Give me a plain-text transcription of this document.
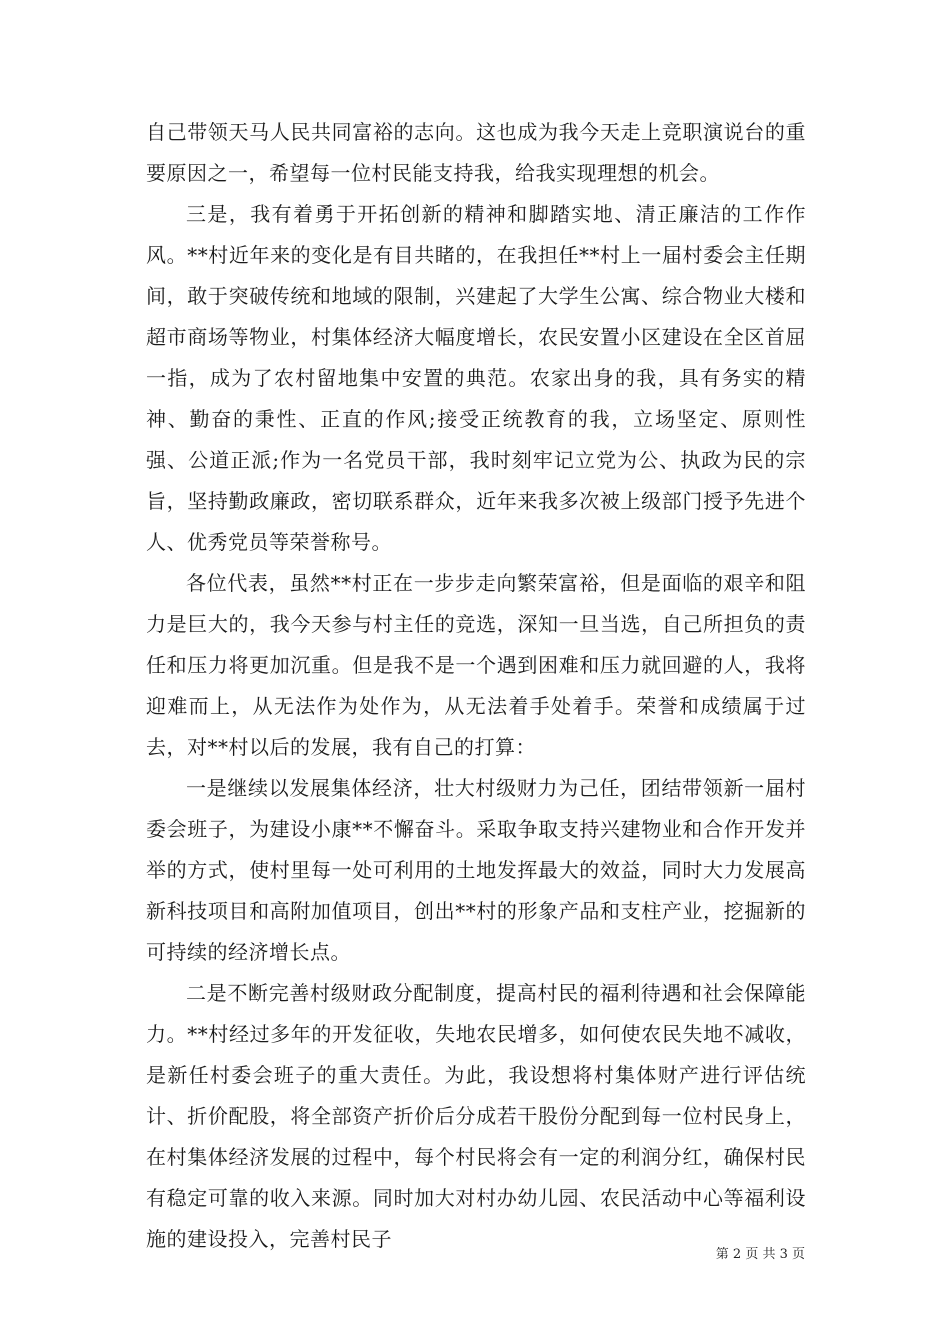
自己带领天马人民共同富裕的志向。这也成为我今天走上竞职演说台的重要原因之一，希望每一位村民能支持我，给我实现理想的机会。

三是，我有着勇于开拓创新的精神和脚踏实地、清正廉洁的工作作风。**村近年来的变化是有目共睹的，在我担任**村上一届村委会主任期间，敢于突破传统和地域的限制，兴建起了大学生公寓、综合物业大楼和超市商场等物业，村集体经济大幅度增长，农民安置小区建设在全区首屈一指，成为了农村留地集中安置的典范。农家出身的我，具有务实的精神、勤奋的秉性、正直的作风;接受正统教育的我，立场坚定、原则性强、公道正派;作为一名党员干部，我时刻牢记立党为公、执政为民的宗旨，坚持勤政廉政，密切联系群众，近年来我多次被上级部门授予先进个人、优秀党员等荣誉称号。

各位代表，虽然**村正在一步步走向繁荣富裕，但是面临的艰辛和阻力是巨大的，我今天参与村主任的竞选，深知一旦当选，自己所担负的责任和压力将更加沉重。但是我不是一个遇到困难和压力就回避的人，我将迎难而上，从无法作为处作为，从无法着手处着手。荣誉和成绩属于过去，对**村以后的发展，我有自己的打算：

一是继续以发展集体经济，壮大村级财力为己任，团结带领新一届村委会班子，为建设小康**不懈奋斗。采取争取支持兴建物业和合作开发并举的方式，使村里每一处可利用的土地发挥最大的效益，同时大力发展高新科技项目和高附加值项目，创出**村的形象产品和支柱产业，挖掘新的可持续的经济增长点。

二是不断完善村级财政分配制度，提高村民的福利待遇和社会保障能力。**村经过多年的开发征收，失地农民增多，如何使农民失地不减收，是新任村委会班子的重大责任。为此，我设想将村集体财产进行评估统计、折价配股，将全部资产折价后分成若干股份分配到每一位村民身上，在村集体经济发展的过程中，每个村民将会有一定的利润分红，确保村民有稳定可靠的收入来源。同时加大对村办幼儿园、农民活动中心等福利设施的建设投入，完善村民子

第 2 页 共 3 页
